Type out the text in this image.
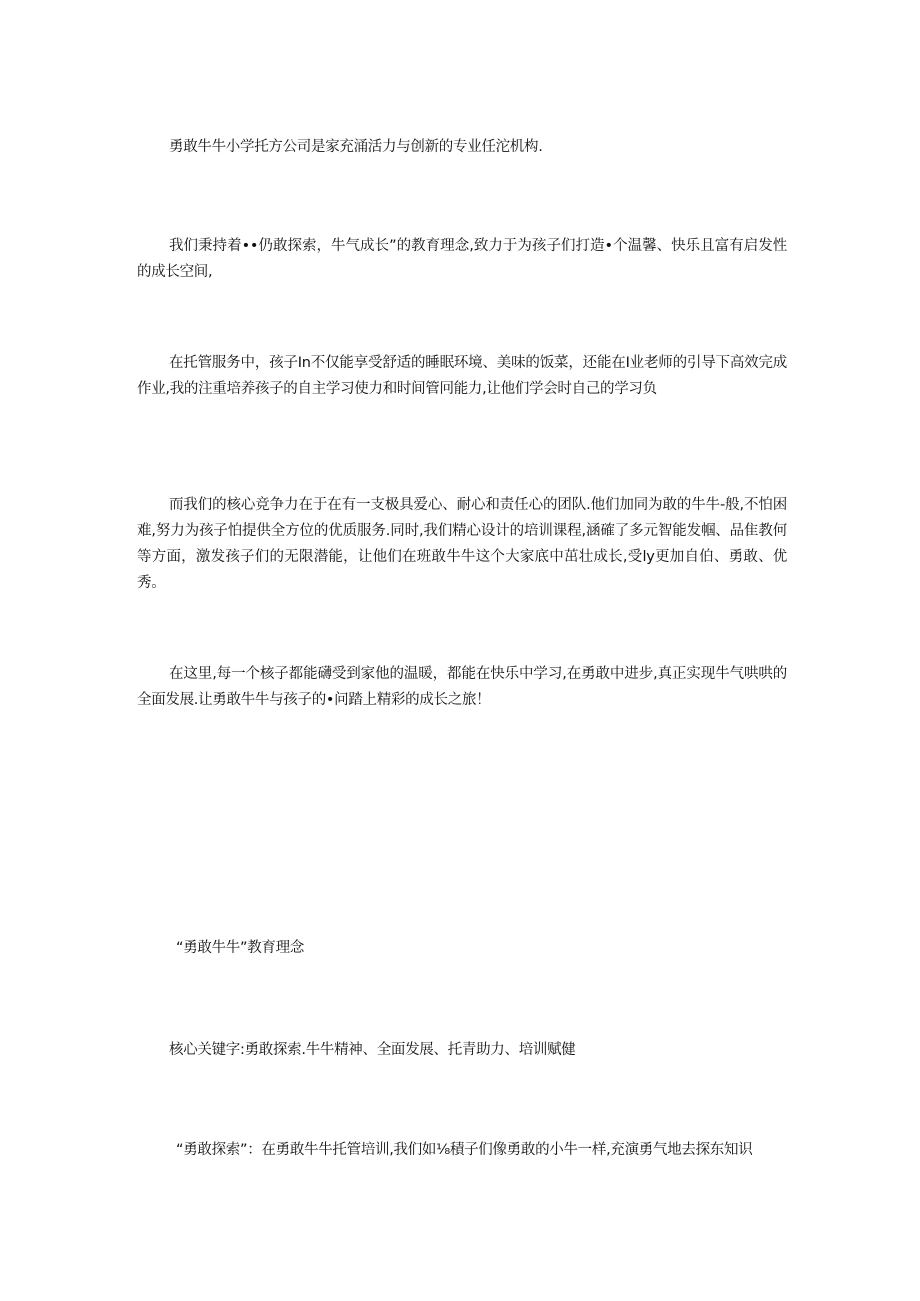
勇敢牛牛小学托方公司是家充涌活力与创新的专业任沱机构.

我们秉持着••仍敢探索，牛气成长”的教育理念,致力于为孩子们打造•个温馨、快乐且富有启发性的成长空间,

在托管服务中，孩子In不仅能享受舒适的睡眠环境、美味的饭菜，还能在I业老师的引导下高效完成作业,我的注重培养孩子的自主学习使力和时间管冋能力,让他们学会时自己的学习负

而我们的核心竞争力在于在有一支极具爱心、耐心和责任心的团队.他们加同为敢的牛牛-般,不怕困难,努力为孩子怕提供全方位的优质服务.同时,我们精心设计的培训课程,涵確了多元智能发帼、品隹教何等方面，激发孩子们的无限潜能，让他们在班敢牛牛这个大家底中茁壮成长,受ly更加自伯、勇敢、优秀。

在这里,每一个核子都能礴受到家他的温暖，都能在快乐中学习,在勇敢中进步,真正实现牛气哄哄的全面发展.让勇敢牛牛与孩子的•问踏上精彩的成长之旅！

“勇敢牛牛”教育理念

核心关键字:勇敢探索.牛牛精神、全面发展、托青助力、培训赋健

“勇敢探索”：在勇敢牛牛托管培训,我们如⅛積子们像勇敢的小牛一样,充演勇气地去探东知识
